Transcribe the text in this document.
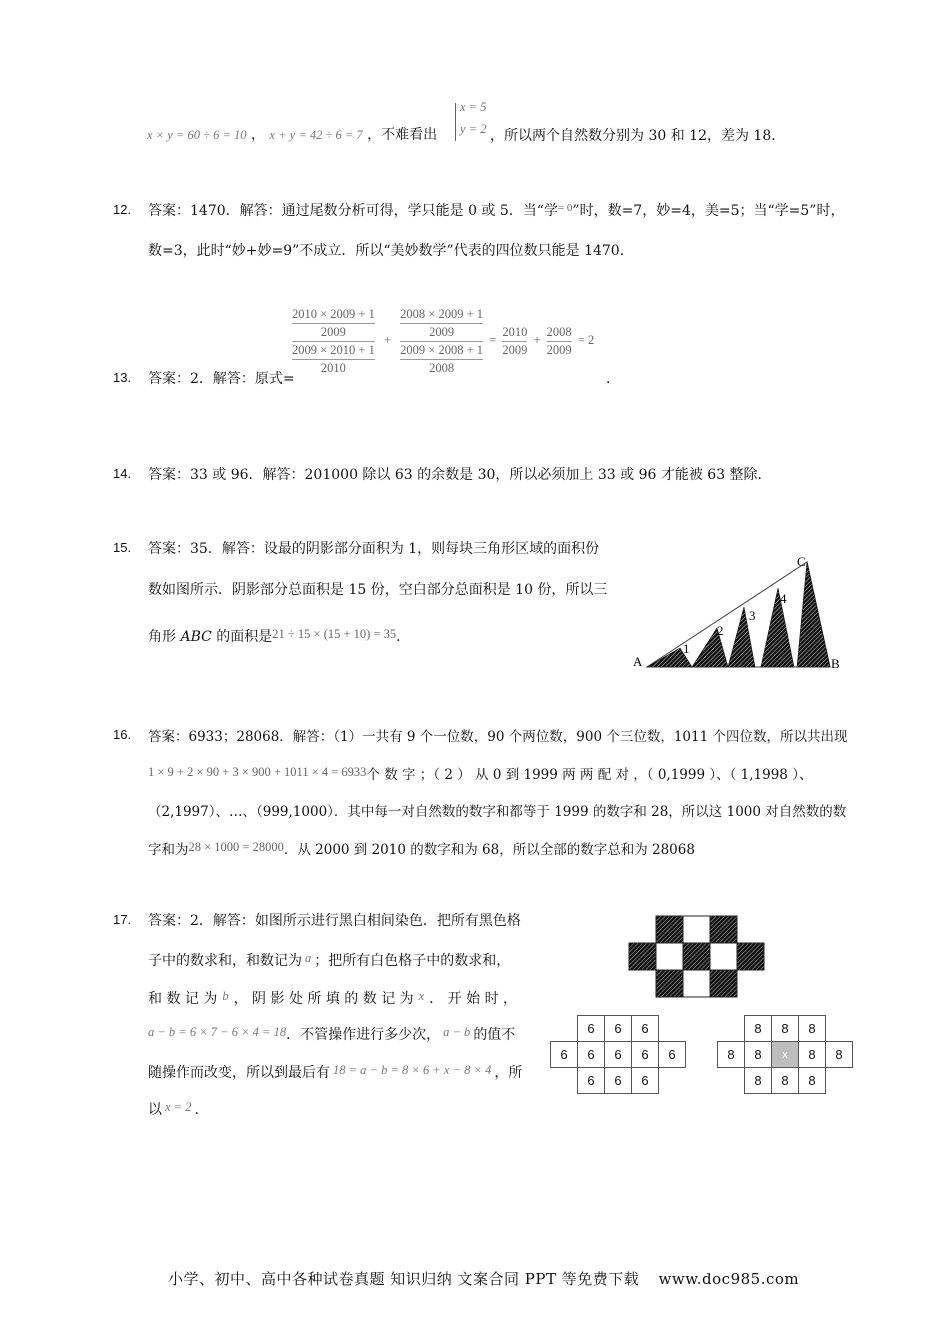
x × y = 60 ÷ 6 = 10 ， x + y = 42 ÷ 6 = 7 ，不难看出
x = 5
y = 2 ，所以两个自然数分别为 30 和 12，差为 18．
12. 答案：1470．解答：通过尾数分析可得，学只能是 0 或 5．当“学$^{= 0}$”时，数=7，妙=4，美=5；当“学=5”时，
数=3，此时“妙+妙=9”不成立．所以“美妙数学”代表的四位数只能是 1470．
13. 答案：2．解答：原式=
2010 × 2009 + 1
2009
2009 × 2010 + 1
2010 + 2008 × 2009 + 1
2009
2009 × 2008 + 1
$2008 = \frac{2010}{2009} + \frac{2008}{2009} = 2$
．
14. 答案：33 或 96．解答：201000 除以 63 的余数是 30，所以必须加上 33 或 96 才能被 63 整除．
15. 答案：35．解答：设最的阴影部分面积为 1，则每块三角形区域的面积份
数如图所示．阴影部分总面积是 15 份，空白部分总面积是 10 份，所以三
角形 ABC 的面积是21 ÷ 15 × (15 + 10) = 35．
A	B
C
1
2
3
4
16. 答案：6933；28068．解答：（1）一共有 9 个一位数，90 个两位数，900 个三位数，1011 个四位数，所以共出现
1 × 9 + 2 × 90 + 3 × 900 + 1011 × 4 = 6933个 数 字 ；（ 2 ） 从 0 到 1999 两 两 配 对 ，（ 0,1999 ）、（ 1,1998 ）、
（2,1997）、…、（999,1000）．其中每一对自然数的数字和都等于 1999 的数字和 28，所以这 1000 对自然数的数
字和为28 × 1000 = 28000．从 2000 到 2010 的数字和为 68，所以全部的数字总和为 28068
17. 答案：2．解答：如图所示进行黑白相间染色．把所有黑色格
子中的数求和，和数记为 a ；把所有白色格子中的数求和，
和 数 记 为 b ， 阴 影 处 所 填 的 数 记 为 x ． 开 始 时 ，
a − b = 6 × 7 − 6 × 4 = 18．不管操作进行多少次， a − b 的值不
随操作而改变，所以到最后有 18 = a − b = 8 × 6 + x − 8 × 4 ，所
以 x = 2 ．
	6	6	6	
6	6	6	6	6
	6	6	6	
	8	8	8	
8	8	x	8	8
	8	8	8	
小学、初中、高中各种试卷真题 知识归纳 文案合同 PPT 等免费下载 www.doc985.com
